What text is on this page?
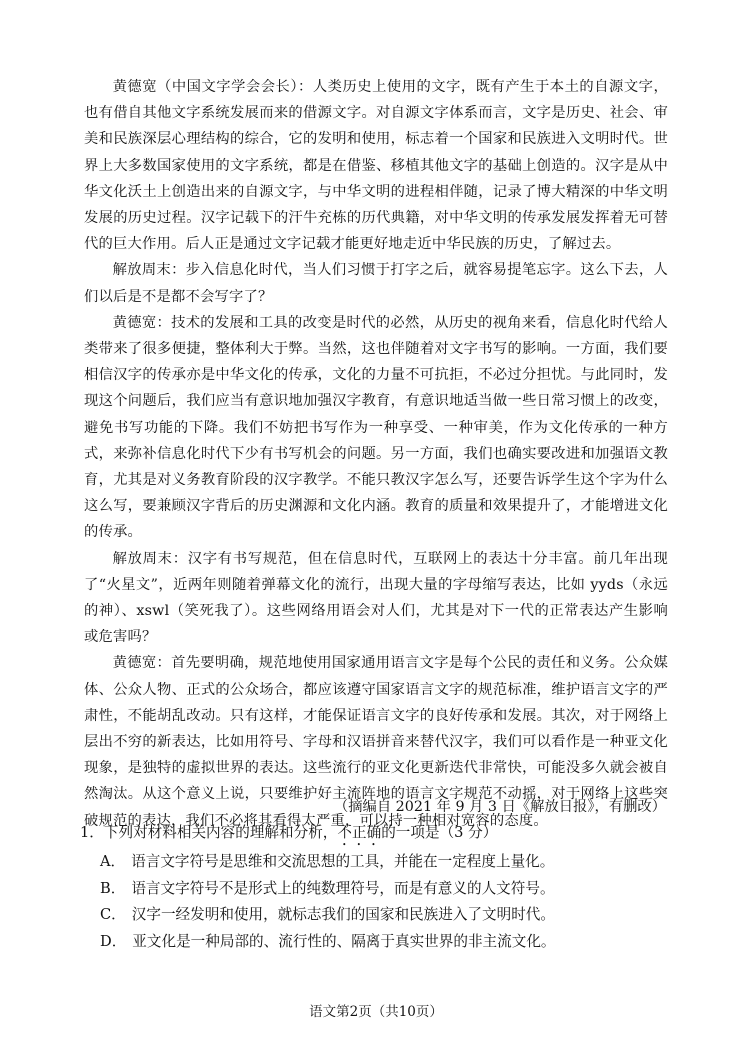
黄德宽（中国文字学会会长）：人类历史上使用的文字，既有产生于本土的自源文字，也有借自其他文字系统发展而来的借源文字。对自源文字体系而言，文字是历史、社会、审美和民族深层心理结构的综合，它的发明和使用，标志着一个国家和民族进入文明时代。世界上大多数国家使用的文字系统，都是在借鉴、移植其他文字的基础上创造的。汉字是从中华文化沃土上创造出来的自源文字，与中华文明的进程相伴随，记录了博大精深的中华文明发展的历史过程。汉字记载下的汗牛充栋的历代典籍，对中华文明的传承发展发挥着无可替代的巨大作用。后人正是通过文字记载才能更好地走近中华民族的历史，了解过去。

解放周末：步入信息化时代，当人们习惯于打字之后，就容易提笔忘字。这么下去，人们以后是不是都不会写字了？

黄德宽：技术的发展和工具的改变是时代的必然，从历史的视角来看，信息化时代给人类带来了很多便捷，整体利大于弊。当然，这也伴随着对文字书写的影响。一方面，我们要相信汉字的传承亦是中华文化的传承，文化的力量不可抗拒，不必过分担忧。与此同时，发现这个问题后，我们应当有意识地加强汉字教育，有意识地适当做一些日常习惯上的改变，避免书写功能的下降。我们不妨把书写作为一种享受、一种审美，作为文化传承的一种方式，来弥补信息化时代下少有书写机会的问题。另一方面，我们也确实要改进和加强语文教育，尤其是对义务教育阶段的汉字教学。不能只教汉字怎么写，还要告诉学生这个字为什么这么写，要兼顾汉字背后的历史渊源和文化内涵。教育的质量和效果提升了，才能增进文化的传承。

解放周末：汉字有书写规范，但在信息时代，互联网上的表达十分丰富。前几年出现了“火星文”，近两年则随着弹幕文化的流行，出现大量的字母缩写表达，比如 yyds（永远的神）、xswl（笑死我了）。这些网络用语会对人们，尤其是对下一代的正常表达产生影响或危害吗？

黄德宽：首先要明确，规范地使用国家通用语言文字是每个公民的责任和义务。公众媒体、公众人物、正式的公众场合，都应该遵守国家语言文字的规范标准，维护语言文字的严肃性，不能胡乱改动。只有这样，才能保证语言文字的良好传承和发展。其次，对于网络上层出不穷的新表达，比如用符号、字母和汉语拼音来替代汉字，我们可以看作是一种亚文化现象，是独特的虚拟世界的表达。这些流行的亚文化更新迭代非常快，可能没多久就会被自然淘汰。从这个意义上说，只要维护好主流阵地的语言文字规范不动摇，对于网络上这些突破规范的表达，我们不必将其看得太严重，可以持一种相对宽容的态度。

（摘编自 2021 年 9 月 3 日《解放日报》，有删改）

1．下列对材料相关内容的理解和分析，不正确的一项是（3 分）

A． 语言文字符号是思维和交流思想的工具，并能在一定程度上量化。

B． 语言文字符号不是形式上的纯数理符号，而是有意义的人文符号。

C． 汉字一经发明和使用，就标志我们的国家和民族进入了文明时代。

D． 亚文化是一种局部的、流行性的、隔离于真实世界的非主流文化。

语文第2页（共10页）
